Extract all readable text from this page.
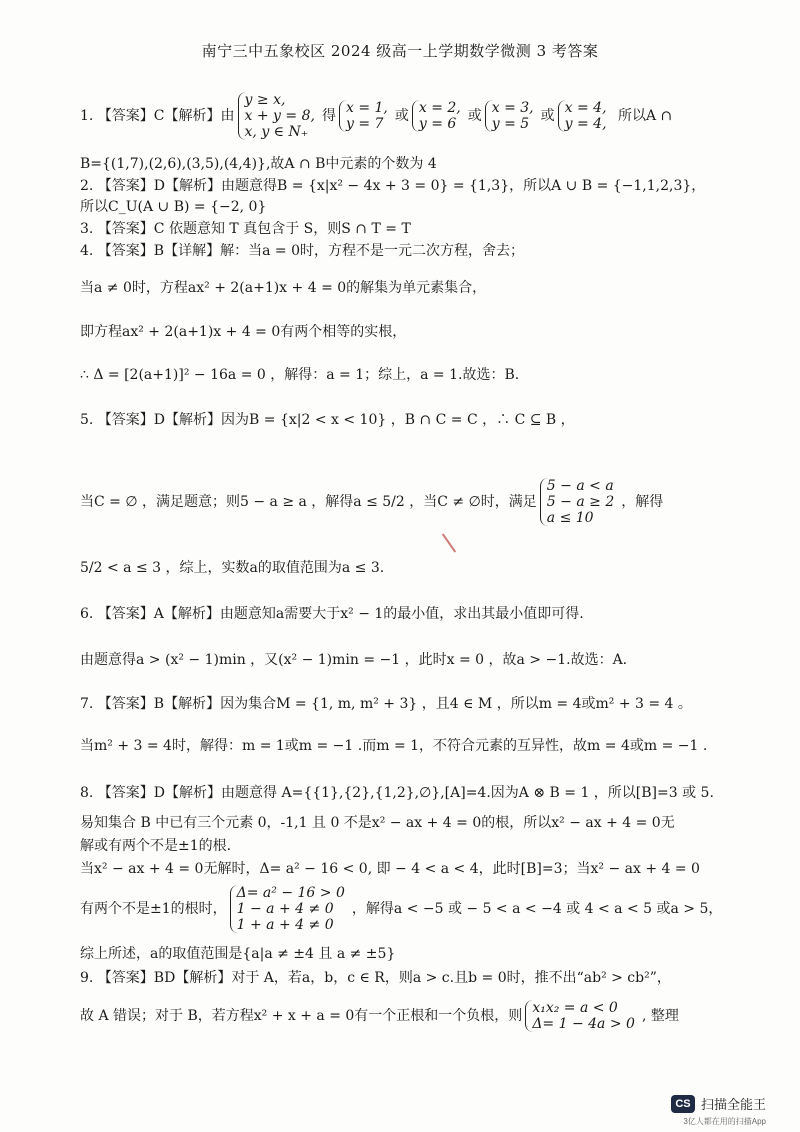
南宁三中五象校区 2024 级高一上学期数学微测 3 考答案
1. 【答案】C【解析】由
y ≥ x,
x + y = 8,
x, y ∈ N₊
得 x = 1,
y = 7 或 x = 2,
y = 6 或 x = 3,
y = 5 或 x = 4,
y = 4, 所以A ∩
B={(1,7),(2,6),(3,5),(4,4)},故A ∩ B中元素的个数为 4
2. 【答案】D【解析】由题意得B = {x|x² − 4x + 3 = 0} = {1,3}，所以A ∪ B = {−1,1,2,3}，
所以C_U(A ∪ B) = {−2, 0}
3. 【答案】C 依题意知 T 真包含于 S，则S ∩ T = T
4. 【答案】B【详解】解：当a = 0时，方程不是一元二次方程，舍去；
当a ≠ 0时，方程ax² + 2(a+1)x + 4 = 0的解集为单元素集合，
即方程ax² + 2(a+1)x + 4 = 0有两个相等的实根，
∴ Δ = [2(a+1)]² − 16a = 0 ，解得：a = 1；综上，a = 1.故选：B.
5. 【答案】D【解析】因为B = {x|2 < x < 10} ，B ∩ C = C ，∴ C ⊆ B ，
当C = ∅ ，满足题意；则5 − a ≥ a ，解得a ≤ 5/2 ，当C ≠ ∅时，满足
5 − a < a
5 − a ≥ 2
a ≤ 10
，解得
5/2 < a ≤ 3 ，综上，实数a的取值范围为a ≤ 3.
6. 【答案】A【解析】由题意知a需要大于x² − 1的最小值，求出其最小值即可得.
由题意得a > (x² − 1)min ，又(x² − 1)min = −1 ，此时x = 0 ，故a > −1.故选：A.
7. 【答案】B【解析】因为集合M = {1, m, m² + 3} ，且4 ∈ M ，所以m = 4或m² + 3 = 4 。
当m² + 3 = 4时，解得：m = 1或m = −1 .而m = 1，不符合元素的互异性，故m = 4或m = −1 .
8. 【答案】D【解析】由题意得 A={{1},{2},{1,2},∅},[A]=4.因为A ⊗ B = 1 ，所以[B]=3 或 5.
易知集合 B 中已有三个元素 0，-1,1 且 0 不是x² − ax + 4 = 0的根，所以x² − ax + 4 = 0无
解或有两个不是±1的根.
当x² − ax + 4 = 0无解时，Δ= a² − 16 < 0, 即 − 4 < a < 4，此时[B]=3；当x² − ax + 4 = 0
有两个不是±1的根时，
Δ= a² − 16 > 0
1 − a + 4 ≠ 0
1 + a + 4 ≠ 0
，解得a < −5 或 − 5 < a < −4 或 4 < a < 5 或a > 5，
综上所述，a的取值范围是{a|a ≠ ±4 且 a ≠ ±5}
9. 【答案】BD【解析】对于 A，若a，b，c ∈ R，则a > c.且b = 0时，推不出“ab² > cb²”，
故 A 错误；对于 B，若方程x² + x + a = 0有一个正根和一个负根，则 x₁x₂ = a < 0
Δ= 1 − 4a > 0 , 整理
CS 扫描全能王
3亿人都在用的扫描App
